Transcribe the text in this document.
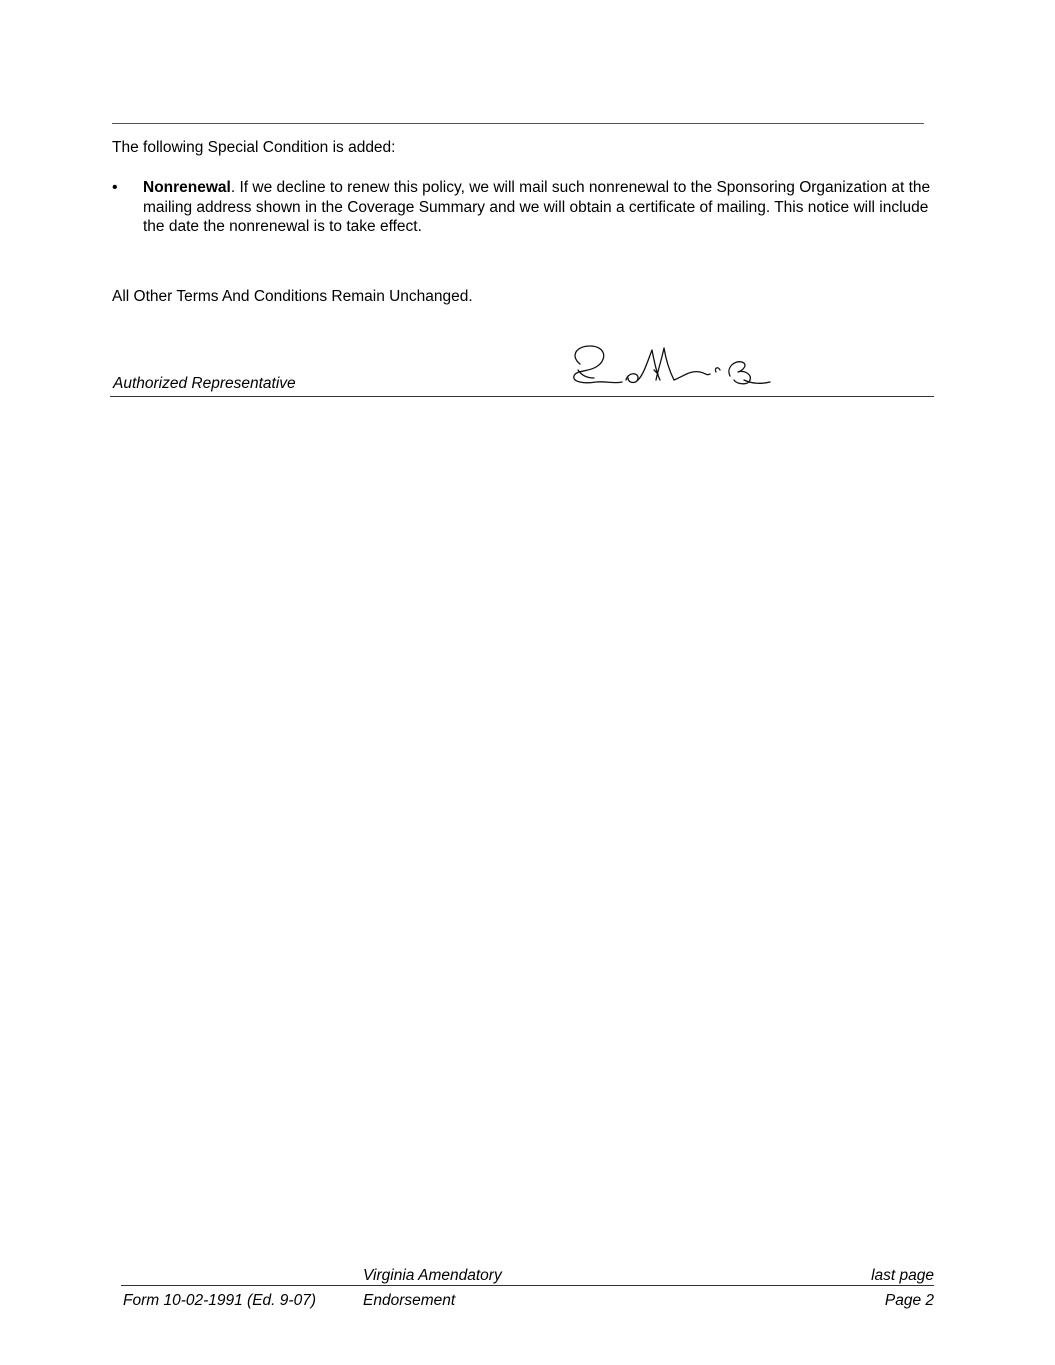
The following Special Condition is added:
• Nonrenewal. If we decline to renew this policy, we will mail such nonrenewal to the Sponsoring Organization at the mailing address shown in the Coverage Summary and we will obtain a certificate of mailing. This notice will include the date the nonrenewal is to take effect.
All Other Terms And Conditions Remain Unchanged.
Authorized Representative
Virginia Amendatory	last page
Form 10-02-1991 (Ed. 9-07)	Endorsement	Page 2
